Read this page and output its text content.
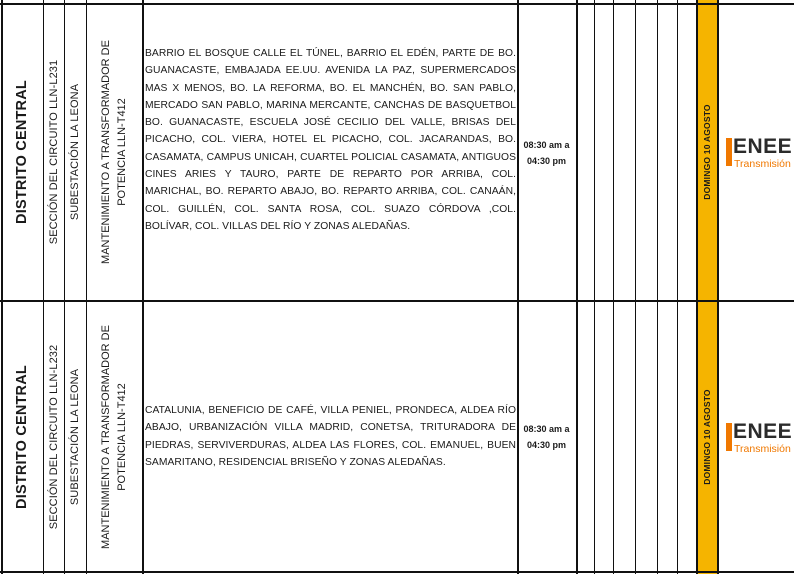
DISTRITO CENTRAL SECCIÓN DEL CIRCUITO LLN-L231 SUBESTACIÓN LA LEONA MANTENIMIENTO A TRANSFORMADOR DE POTENCIA LLN-T412
BARRIO EL BOSQUE CALLE EL TÚNEL, BARRIO EL EDÉN, PARTE DE BO. GUANACASTE, EMBAJADA EE.UU. AVENIDA LA PAZ, SUPERMERCADOS MAS X MENOS, BO. LA REFORMA, BO. EL MANCHÉN, BO. SAN PABLO, MERCADO SAN PABLO, MARINA MERCANTE, CANCHAS DE BASQUETBOL BO. GUANACASTE, ESCUELA JOSÉ CECILIO DEL VALLE, BRISAS DEL PICACHO, COL. VIERA, HOTEL EL PICACHO, COL. JACARANDAS, BO. CASAMATA, CAMPUS UNICAH, CUARTEL POLICIAL CASAMATA, ANTIGUOS CINES ARIES Y TAURO, PARTE DE REPARTO POR ARRIBA, COL. MARICHAL, BO. REPARTO ABAJO, BO. REPARTO ARRIBA, COL. CANAÁN, COL. GUILLÉN, COL. SANTA ROSA, COL. SUAZO CÓRDOVA ,COL. BOLÍVAR, COL. VILLAS DEL RÍO Y ZONAS ALEDAÑAS.
08:30 am a
04:30 pm	DOMINGO 10 AGOSTO ENEE
Transmisión
DISTRITO CENTRAL SECCIÓN DEL CIRCUITO LLN-L232 SUBESTACIÓN LA LEONA MANTENIMIENTO A TRANSFORMADOR DE POTENCIA LLN-T412 CATALUNIA, BENEFICIO DE CAFÉ, VILLA PENIEL, PRONDECA, ALDEA RÍO ABAJO, URBANIZACIÓN VILLA MADRID, CONETSA, TRITURADORA DE PIEDRAS, SERVIVERDURAS, ALDEA LAS FLORES, COL. EMANUEL, BUEN SAMARITANO, RESIDENCIAL BRISEÑO Y ZONAS ALEDAÑAS.
08:30 am a
04:30 pm	DOMINGO 10 AGOSTO ENEE
Transmisión
